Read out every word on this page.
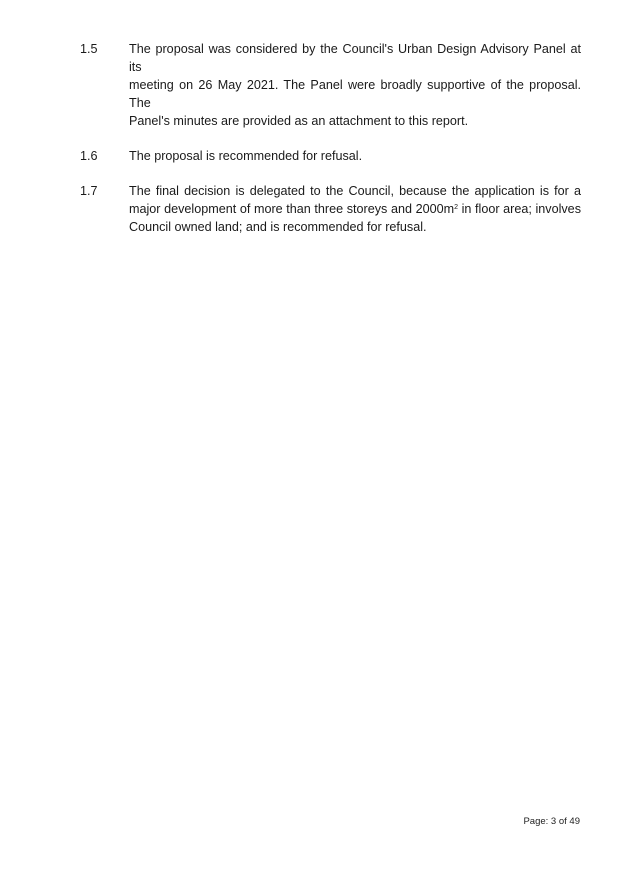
1.5 The proposal was considered by the Council's Urban Design Advisory Panel at its
meeting on 26 May 2021. The Panel were broadly supportive of the proposal. The
Panel's minutes are provided as an attachment to this report.
1.6 The proposal is recommended for refusal.
1.7 The final decision is delegated to the Council, because the application is for a
major development of more than three storeys and $2000m^2$ in floor area; involves
Council owned land; and is recommended for refusal.
Page: 3 of 49
